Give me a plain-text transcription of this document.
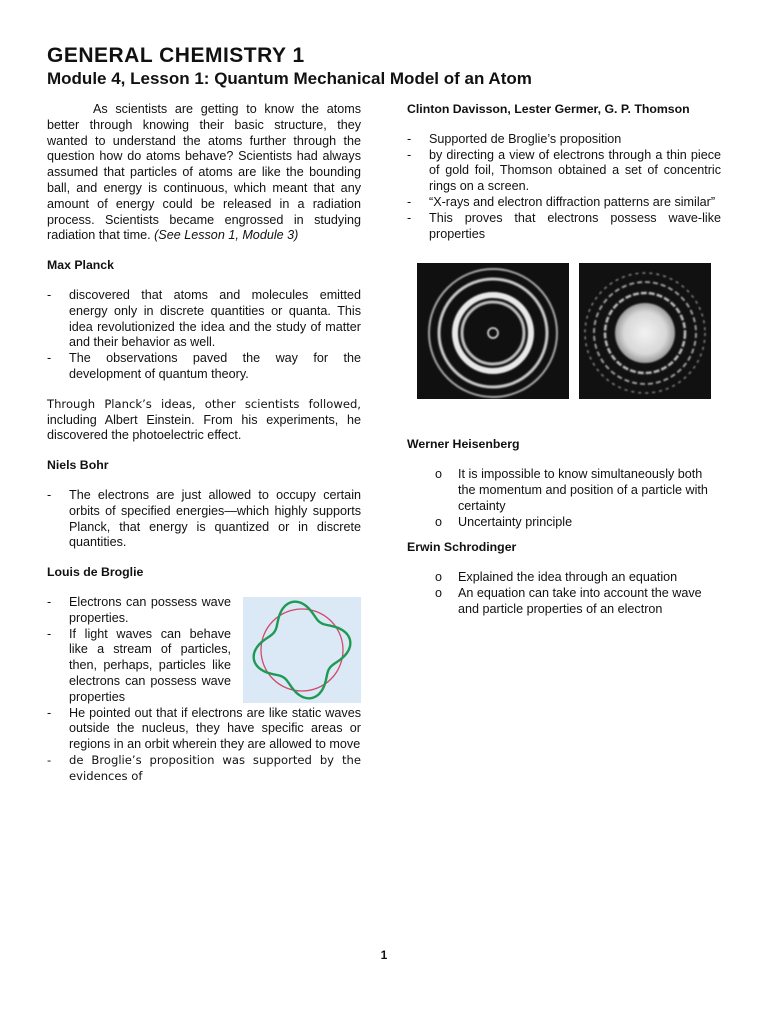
GENERAL CHEMISTRY 1
Module 4, Lesson 1: Quantum Mechanical Model of an Atom

As scientists are getting to know the atoms better through knowing their basic structure, they wanted to understand the atoms further through the question how do atoms behave? Scientists had always assumed that particles of atoms are like the bounding ball, and energy is continuous, which meant that any amount of energy could be released in a radiation process. Scientists became engrossed in studying radiation that time. (See Lesson 1, Module 3)

Max Planck
- discovered that atoms and molecules emitted energy only in discrete quantities or quanta. This idea revolutionized the idea and the study of matter and their behavior as well.
- The observations paved the way for the development of quantum theory.

Through Planck’s ideas, other scientists followed, including Albert Einstein. From his experiments, he discovered the photoelectric effect.

Niels Bohr
- The electrons are just allowed to occupy certain orbits of specified energies—which highly supports Planck, that energy is quantized or in discrete quantities.
Louis de Broglie
- Electrons can possess wave properties.
- If light waves can behave like a stream of particles, then, perhaps, particles like electrons can possess wave properties
- He pointed out that if electrons are like static waves outside the nucleus, they have specific areas or regions in an orbit wherein they are allowed to move
- de Broglie’s proposition was supported by the evidences of
Clinton Davisson, Lester Germer, G. P. Thomson
- Supported de Broglie’s proposition
- by directing a view of electrons through a thin piece of gold foil, Thomson obtained a set of concentric rings on a screen.
- “X-rays and electron diffraction patterns are similar”
- This proves that electrons possess wave-like properties
Werner Heisenberg
o It is impossible to know simultaneously both the momentum and position of a particle with certainty
o Uncertainty principle
Erwin Schrodinger
o Explained the idea through an equation
o An equation can take into account the wave and particle properties of an electron
1
